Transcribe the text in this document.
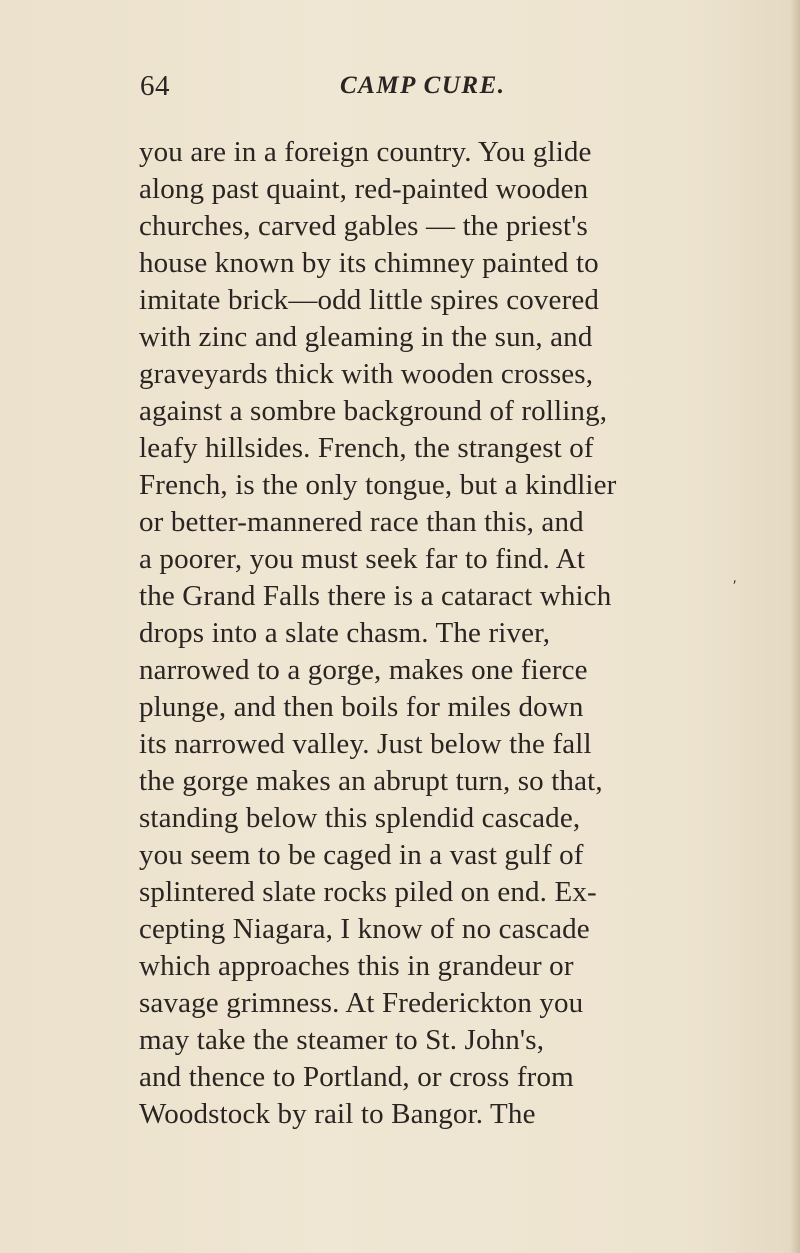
64	CAMP CURE.
you are in a foreign country. You glide
along past quaint, red-painted wooden
churches, carved gables — the priest's
house known by its chimney painted to
imitate brick—odd little spires covered
with zinc and gleaming in the sun, and
graveyards thick with wooden crosses,
against a sombre background of rolling,
leafy hillsides. French, the strangest of
French, is the only tongue, but a kindlier
or better-mannered race than this, and
a poorer, you must seek far to find. At
the Grand Falls there is a cataract which
drops into a slate chasm. The river,
narrowed to a gorge, makes one fierce
plunge, and then boils for miles down
its narrowed valley. Just below the fall
the gorge makes an abrupt turn, so that,
standing below this splendid cascade,
you seem to be caged in a vast gulf of
splintered slate rocks piled on end. Ex-
cepting Niagara, I know of no cascade
which approaches this in grandeur or
savage grimness. At Frederickton you
may take the steamer to St. John's,
and thence to Portland, or cross from
Woodstock by rail to Bangor. The
⸴
